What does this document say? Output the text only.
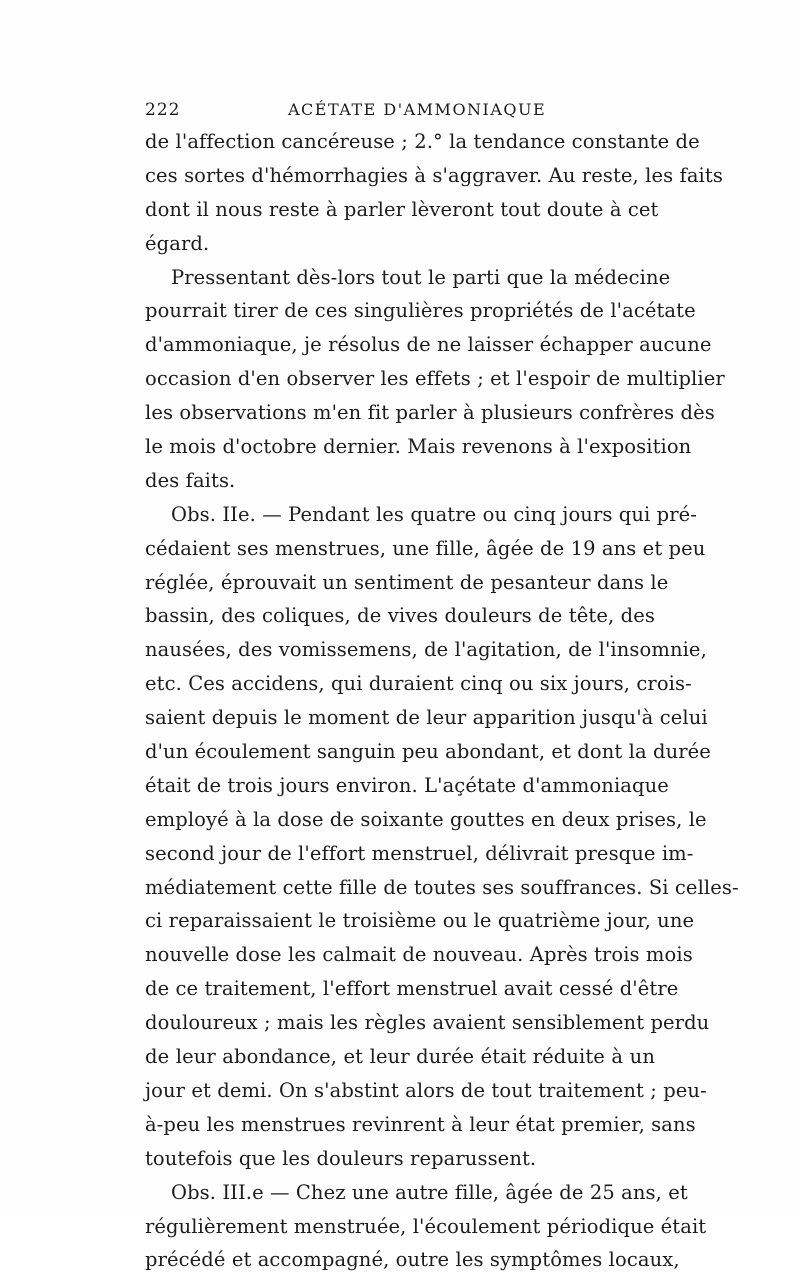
222	ACÉTATE D'AMMONIAQUE
de l'affection cancéreuse ; 2.° la tendance constante de
ces sortes d'hémorrhagies à s'aggraver. Au reste, les faits
dont il nous reste à parler lèveront tout doute à cet
égard.
Pressentant dès-lors tout le parti que la médecine
pourrait tirer de ces singulières propriétés de l'acétate
d'ammoniaque, je résolus de ne laisser échapper aucune
occasion d'en observer les effets ; et l'espoir de multiplier
les observations m'en fit parler à plusieurs confrères dès
le mois d'octobre dernier. Mais revenons à l'exposition
des faits.
Obs. IIe. — Pendant les quatre ou cinq jours qui pré-
cédaient ses menstrues, une fille, âgée de 19 ans et peu
réglée, éprouvait un sentiment de pesanteur dans le
bassin, des coliques, de vives douleurs de tête, des
nausées, des vomissemens, de l'agitation, de l'insomnie,
etc. Ces accidens, qui duraient cinq ou six jours, crois-
saient depuis le moment de leur apparition jusqu'à celui
d'un écoulement sanguin peu abondant, et dont la durée
était de trois jours environ. L'açétate d'ammoniaque
employé à la dose de soixante gouttes en deux prises, le
second jour de l'effort menstruel, délivrait presque im-
médiatement cette fille de toutes ses souffrances. Si celles-
ci reparaissaient le troisième ou le quatrième jour, une
nouvelle dose les calmait de nouveau. Après trois mois
de ce traitement, l'effort menstruel avait cessé d'être
douloureux ; mais les règles avaient sensiblement perdu
de leur abondance, et leur durée était réduite à un
jour et demi. On s'abstint alors de tout traitement ; peu-
à-peu les menstrues revinrent à leur état premier, sans
toutefois que les douleurs reparussent.
Obs. III.e — Chez une autre fille, âgée de 25 ans, et
régulièrement menstruée, l'écoulement périodique était
précédé et accompagné, outre les symptômes locaux,
